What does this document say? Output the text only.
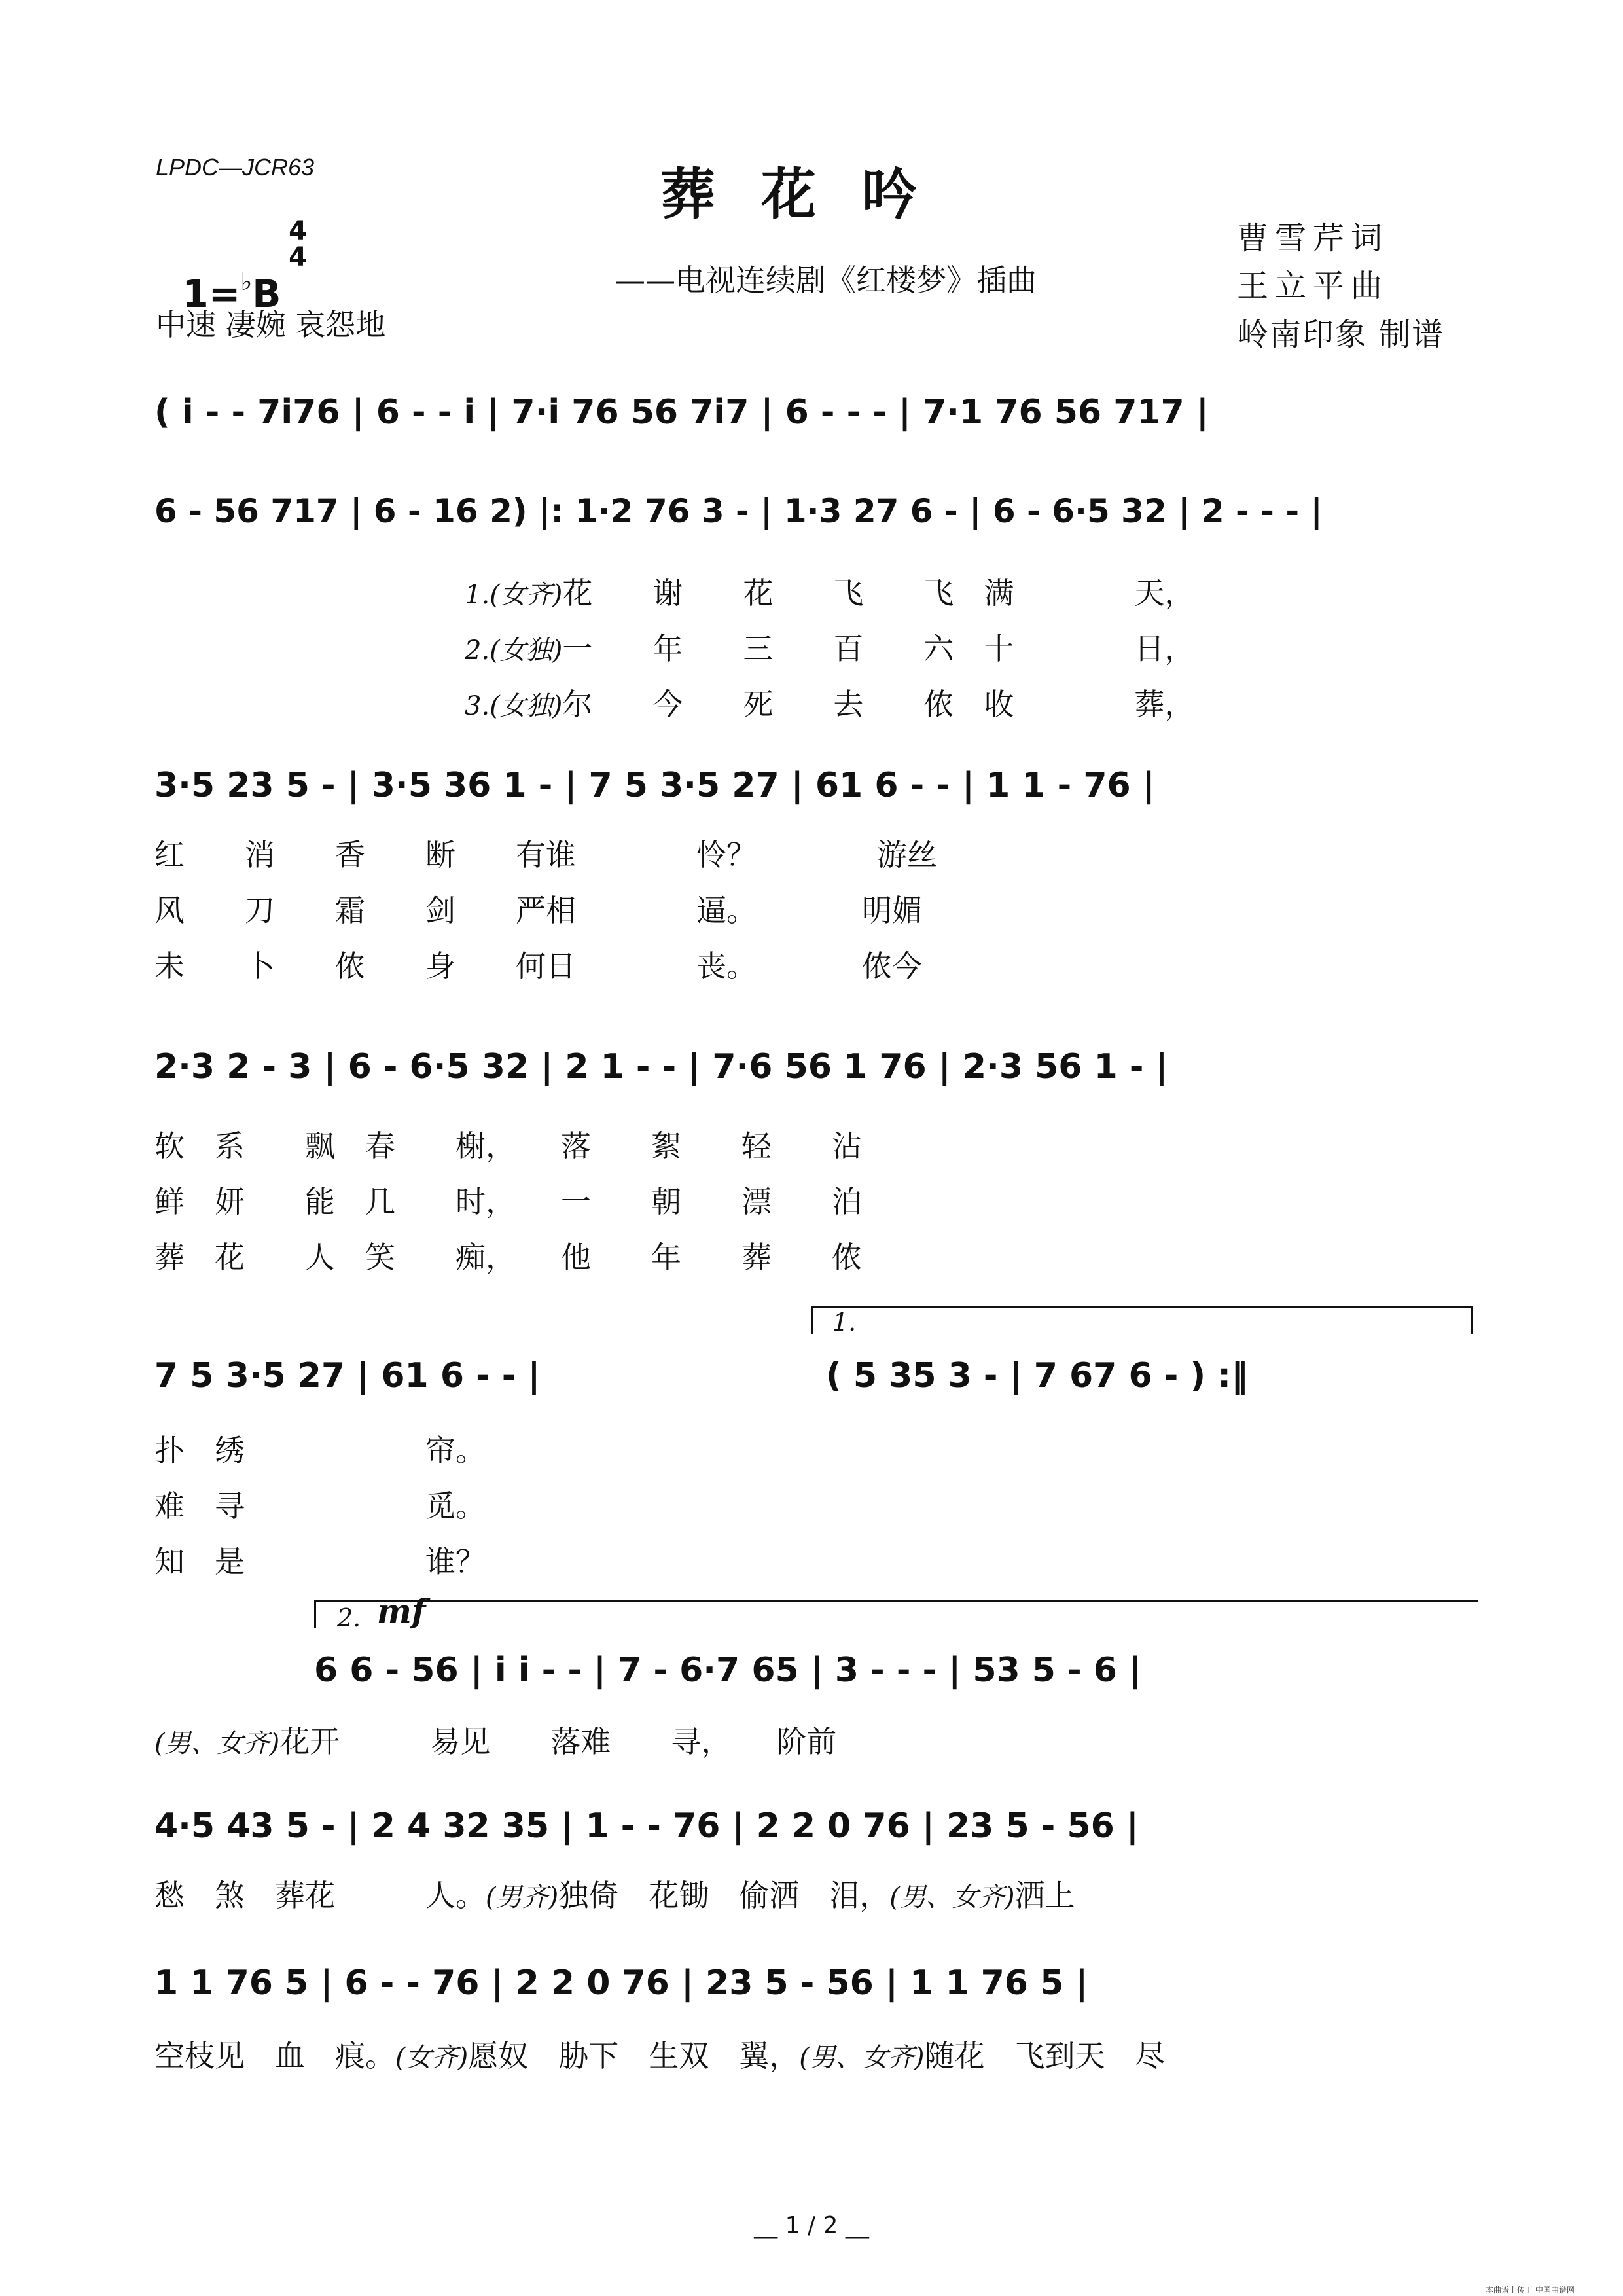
LPDC—JCR63	葬花吟

1=♭B

4
4
——电视连续剧《红楼梦》插曲
中速 凄婉 哀怨地
曹雪芹词
王立平曲
岭南印象 制谱
( i - - 7i76 | 6 - - i | 7·i 76 56 7i7 | 6 - - - | 7·1 76 56 717 |
6 - 56 717 | 6 - 16 2) |: 1·2 76 3 - | 1·3 27 6 - | 6 - 6·5 32 | 2 - - - |
1.(女齐)花　　谢　　花　　飞　　飞　满　　　　天，
2.(女独)一　　年　　三　　百　　六　十　　　　日，
3.(女独)尔　　今　　死　　去　　侬　收　　　　葬，
3·5 23 5 - | 3·5 36 1 - | 7 5 3·5 27 | 61 6 - - | 1 1 - 76 |
红　　消　　香　　断　　有谁　　　　怜？　　　　游丝
风　　刀　　霜　　剑　　严相　　　　逼。　　　　明媚
未　　卜　　侬　　身　　何日　　　　丧。　　　　侬今
2·3 2 - 3 | 6 - 6·5 32 | 2 1 - - | 7·6 56 1 76 | 2·3 56 1 - |
软　系　　飘　春　　榭，　　落　　絮　　轻　　沾
鲜　妍　　能　几　　时，　　一　　朝　　漂　　泊
葬　花　　人　笑　　痴，　　他　　年　　葬　　侬
1.
7 5 3·5 27 | 61 6 - - |	( 5 35 3 - | 7 67 6 - ) :‖
扑　绣　　　　　　帘。
难　寻　　　　　　觅。
知　是　　　　　　谁？
2. mf
6 6 - 56 | i i - - | 7 - 6·7 65 | 3 - - - | 53 5 - 6 |
(男、女齐)花开　　　易见　　落难　　寻，　　阶前
4·5 43 5 - | 2 4 32 35 | 1 - - 76 | 2 2 0 76 | 23 5 - 56 |
愁　煞　葬花　　　人。(男齐)独倚　花锄　偷洒　泪，(男、女齐)洒上
1 1 76 5 | 6 - - 76 | 2 2 0 76 | 23 5 - 56 | 1 1 76 5 |
空枝见　血　痕。(女齐)愿奴　胁下　生双　翼，(男、女齐)随花　飞到天　尽
__ 1 / 2 __
本曲谱上传于 中国曲谱网
